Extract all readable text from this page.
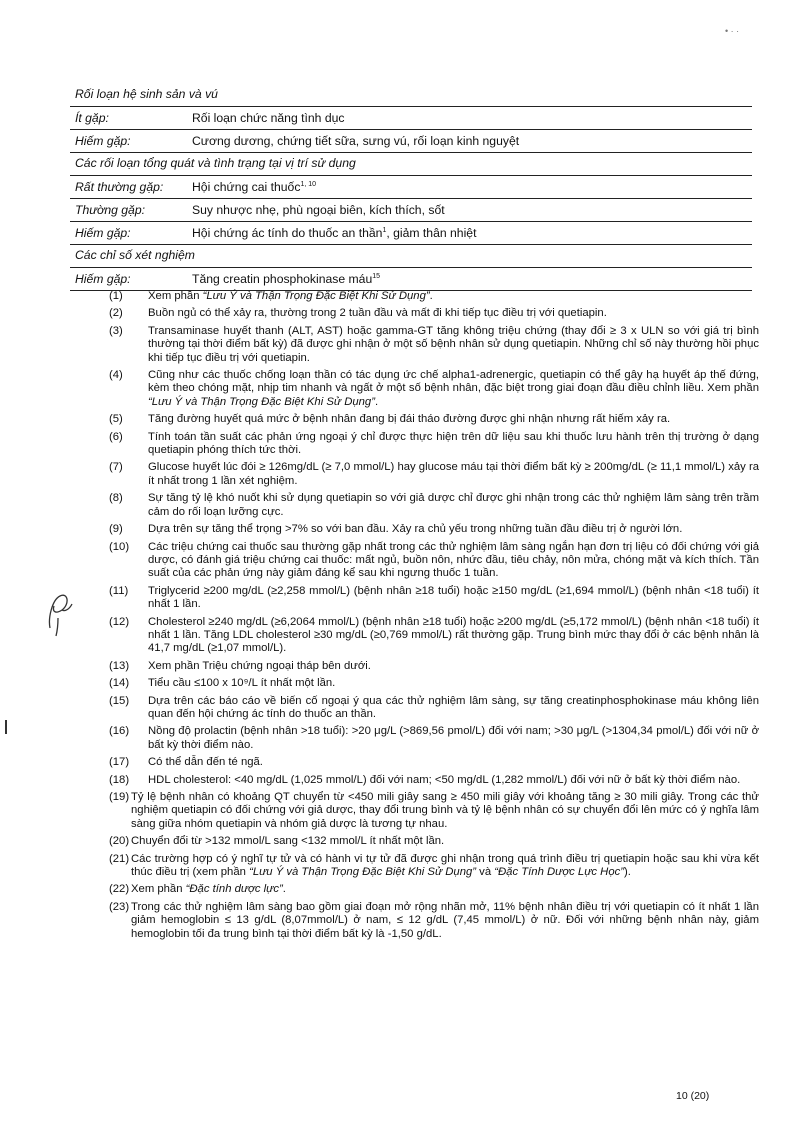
• · ·
Rối loạn hệ sinh sản và vú
Ít gặp:	Rối loạn chức năng tình dục
Hiếm gặp:	Cương dương, chứng tiết sữa, sưng vú, rối loạn kinh nguyệt
Các rối loạn tổng quát và tình trạng tại vị trí sử dụng
Rất thường gặp:	Hội chứng cai thuốc$^{1, 10}$
Thường gặp:	Suy nhược nhẹ, phù ngoại biên, kích thích, sốt
Hiếm gặp:	Hội chứng ác tính do thuốc an thần$^1$, giảm thân nhiệt
Các chỉ số xét nghiệm
Hiếm gặp:	Tăng creatin phosphokinase máu$^{15}$
(1)	Xem phần “Lưu Ý và Thận Trọng Đặc Biệt Khi Sử Dụng”.
(2)	Buồn ngủ có thể xảy ra, thường trong 2 tuần đầu và mất đi khi tiếp tục điều trị với quetiapin.
(3)	Transaminase huyết thanh (ALT, AST) hoặc gamma-GT tăng không triệu chứng (thay đổi ≥ 3 x ULN so với giá trị bình thường tại thời điểm bất kỳ) đã được ghi nhận ở một số bệnh nhân sử dụng quetiapin. Những chỉ số này thường hồi phục khi tiếp tục điều trị với quetiapin.
(4)	Cũng như các thuốc chống loạn thần có tác dụng ức chế alpha1-adrenergic, quetiapin có thể gây hạ huyết áp thế đứng, kèm theo chóng mặt, nhịp tim nhanh và ngất ở một số bệnh nhân, đặc biệt trong giai đoạn đầu điều chỉnh liều. Xem phần “Lưu Ý và Thận Trọng Đặc Biệt Khi Sử Dụng”.
(5)	Tăng đường huyết quá mức ở bệnh nhân đang bị đái tháo đường được ghi nhận nhưng rất hiếm xảy ra.
(6)	Tính toán tần suất các phản ứng ngoại ý chỉ được thực hiện trên dữ liệu sau khi thuốc lưu hành trên thị trường ở dạng quetiapin phóng thích tức thời.
(7)	Glucose huyết lúc đói ≥ 126mg/dL (≥ 7,0 mmol/L) hay glucose máu tại thời điểm bất kỳ ≥ 200mg/dL (≥ 11,1 mmol/L) xảy ra ít nhất trong 1 lần xét nghiệm.
(8)	Sự tăng tỷ lệ khó nuốt khi sử dụng quetiapin so với giả dược chỉ được ghi nhận trong các thử nghiệm lâm sàng trên trầm cảm do rối loạn lưỡng cực.
(9)	Dựa trên sự tăng thể trọng >7% so với ban đầu. Xảy ra chủ yếu trong những tuần đầu điều trị ở người lớn.
(10)	Các triệu chứng cai thuốc sau thường gặp nhất trong các thử nghiệm lâm sàng ngắn hạn đơn trị liệu có đối chứng với giả dược, có đánh giá triệu chứng cai thuốc: mất ngủ, buồn nôn, nhức đầu, tiêu chảy, nôn mửa, chóng mặt và kích thích. Tần suất của các phản ứng này giảm đáng kể sau khi ngưng thuốc 1 tuần.
(11)	Triglycerid ≥200 mg/dL (≥2,258 mmol/L) (bệnh nhân ≥18 tuổi) hoặc ≥150 mg/dL (≥1,694 mmol/L) (bệnh nhân <18 tuổi) ít nhất 1 lần.
(12)	Cholesterol ≥240 mg/dL (≥6,2064 mmol/L) (bệnh nhân ≥18 tuổi) hoặc ≥200 mg/dL (≥5,172 mmol/L) (bệnh nhân <18 tuổi) ít nhất 1 lần. Tăng LDL cholesterol ≥30 mg/dL (≥0,769 mmol/L) rất thường gặp. Trung bình mức thay đổi ở các bệnh nhân là 41,7 mg/dL (≥1,07 mmol/L).
(13)	Xem phần Triệu chứng ngoại tháp bên dưới.
(14)	Tiểu cầu ≤100 x 10⁹/L ít nhất một lần.
(15)	Dựa trên các báo cáo về biến cố ngoại ý qua các thử nghiệm lâm sàng, sự tăng creatinphosphokinase máu không liên quan đến hội chứng ác tính do thuốc an thần.
(16)	Nồng độ prolactin (bệnh nhân >18 tuổi): >20 μg/L (>869,56 pmol/L) đối với nam; >30 μg/L (>1304,34 pmol/L) đối với nữ ở bất kỳ thời điểm nào.
(17)	Có thể dẫn đến té ngã.
(18)	HDL cholesterol: <40 mg/dL (1,025 mmol/L) đối với nam; <50 mg/dL (1,282 mmol/L) đối với nữ ở bất kỳ thời điểm nào.
(19) Tỷ lệ bệnh nhân có khoảng QT chuyển từ <450 mili giây sang ≥ 450 mili giây với khoảng tăng ≥ 30 mili giây. Trong các thử nghiệm quetiapin có đối chứng với giả dược, thay đổi trung bình và tỷ lệ bệnh nhân có sự chuyển đổi lên mức có ý nghĩa lâm sàng giữa nhóm quetiapin và nhóm giả dược là tương tự nhau.
(20) Chuyển đổi từ >132 mmol/L sang <132 mmol/L ít nhất một lần.
(21) Các trường hợp có ý nghĩ tự tử và có hành vi tự tử đã được ghi nhận trong quá trình điều trị quetiapin hoặc sau khi vừa kết thúc điều trị (xem phần “Lưu Ý và Thận Trọng Đặc Biệt Khi Sử Dụng” và “Đặc Tính Dược Lực Học”).
(22) Xem phần “Đặc tính dược lực”.
(23) Trong các thử nghiệm lâm sàng bao gồm giai đoạn mở rộng nhãn mở, 11% bệnh nhân điều trị với quetiapin có ít nhất 1 lần giảm hemoglobin ≤ 13 g/dL (8,07mmol/L) ở nam, ≤ 12 g/dL (7,45 mmol/L) ở nữ. Đối với những bệnh nhân này, giảm hemoglobin tối đa trung bình tại thời điểm bất kỳ là -1,50 g/dL.
10 (20)
